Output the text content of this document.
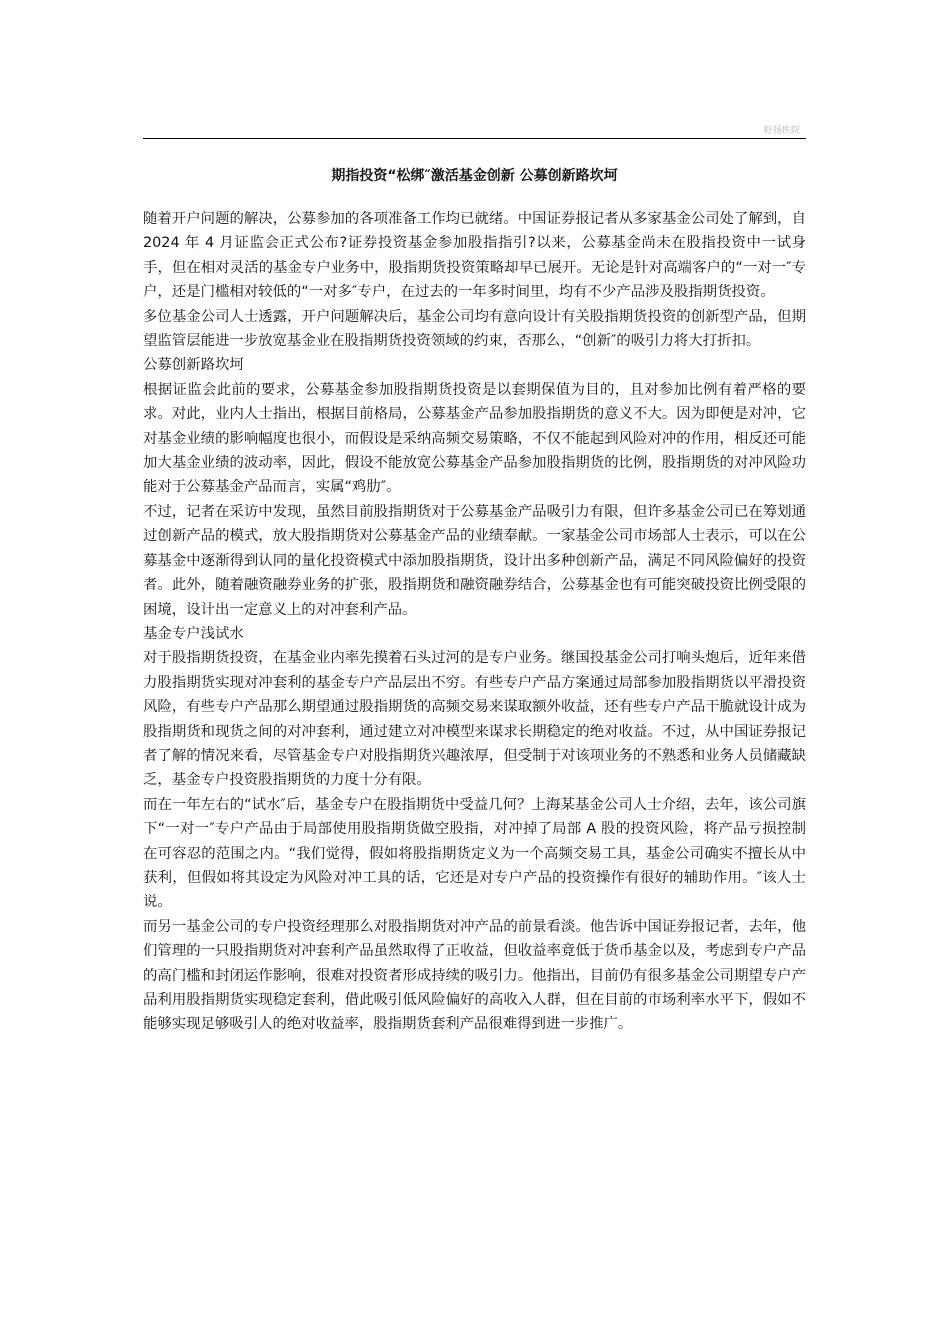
盱扬医院
期指投资“松绑″激活基金创新 公募创新路坎坷

随着开户问题的解决，公募参加的各项准备工作均已就绪。中国证券报记者从多家基金公司处了解到，自 2024 年 4 月证监会正式公布?证券投资基金参加股指指引?以来，公募基金尚未在股指投资中一试身手，但在相对灵活的基金专户业务中，股指期货投资策略却早已展开。无论是针对高端客户的“一对一″专户，还是门槛相对较低的“一对多″专户，在过去的一年多时间里，均有不少产品涉及股指期货投资。

多位基金公司人士透露，开户问题解决后，基金公司均有意向设计有关股指期货投资的创新型产品，但期望监管层能进一步放宽基金业在股指期货投资领域的约束，否那么，“创新″的吸引力将大打折扣。

公募创新路坎坷

根据证监会此前的要求，公募基金参加股指期货投资是以套期保值为目的，且对参加比例有着严格的要求。对此，业内人士指出，根据目前格局，公募基金产品参加股指期货的意义不大。因为即便是对冲，它对基金业绩的影响幅度也很小，而假设是采纳高频交易策略，不仅不能起到风险对冲的作用，相反还可能加大基金业绩的波动率，因此，假设不能放宽公募基金产品参加股指期货的比例，股指期货的对冲风险功能对于公募基金产品而言，实属“鸡肋″。

不过，记者在采访中发现，虽然目前股指期货对于公募基金产品吸引力有限，但许多基金公司已在筹划通过创新产品的模式，放大股指期货对公募基金产品的业绩奉献。一家基金公司市场部人士表示，可以在公募基金中逐渐得到认同的量化投资模式中添加股指期货，设计出多种创新产品，满足不同风险偏好的投资者。此外，随着融资融券业务的扩张，股指期货和融资融券结合，公募基金也有可能突破投资比例受限的困境，设计出一定意义上的对冲套利产品。

基金专户浅试水

对于股指期货投资，在基金业内率先摸着石头过河的是专户业务。继国投基金公司打响头炮后，近年来借力股指期货实现对冲套利的基金专户产品层出不穷。有些专户产品方案通过局部参加股指期货以平滑投资风险，有些专户产品那么期望通过股指期货的高频交易来谋取额外收益，还有些专户产品干脆就设计成为股指期货和现货之间的对冲套利，通过建立对冲模型来谋求长期稳定的绝对收益。不过，从中国证券报记者了解的情况来看，尽管基金专户对股指期货兴趣浓厚，但受制于对该项业务的不熟悉和业务人员储藏缺乏，基金专户投资股指期货的力度十分有限。

而在一年左右的“试水″后，基金专户在股指期货中受益几何？上海某基金公司人士介绍，去年，该公司旗下“一对一″专户产品由于局部使用股指期货做空股指，对冲掉了局部 A 股的投资风险，将产品亏损控制在可容忍的范围之内。“我们觉得，假如将股指期货定义为一个高频交易工具，基金公司确实不擅长从中获利，但假如将其设定为风险对冲工具的话，它还是对专户产品的投资操作有很好的辅助作用。″该人士说。

而另一基金公司的专户投资经理那么对股指期货对冲产品的前景看淡。他告诉中国证券报记者，去年，他们管理的一只股指期货对冲套利产品虽然取得了正收益，但收益率竟低于货币基金以及，考虑到专户产品的高门槛和封闭运作影响，很难对投资者形成持续的吸引力。他指出，目前仍有很多基金公司期望专户产品利用股指期货实现稳定套利，借此吸引低风险偏好的高收入人群，但在目前的市场利率水平下，假如不能够实现足够吸引人的绝对收益率，股指期货套利产品很难得到进一步推广。
